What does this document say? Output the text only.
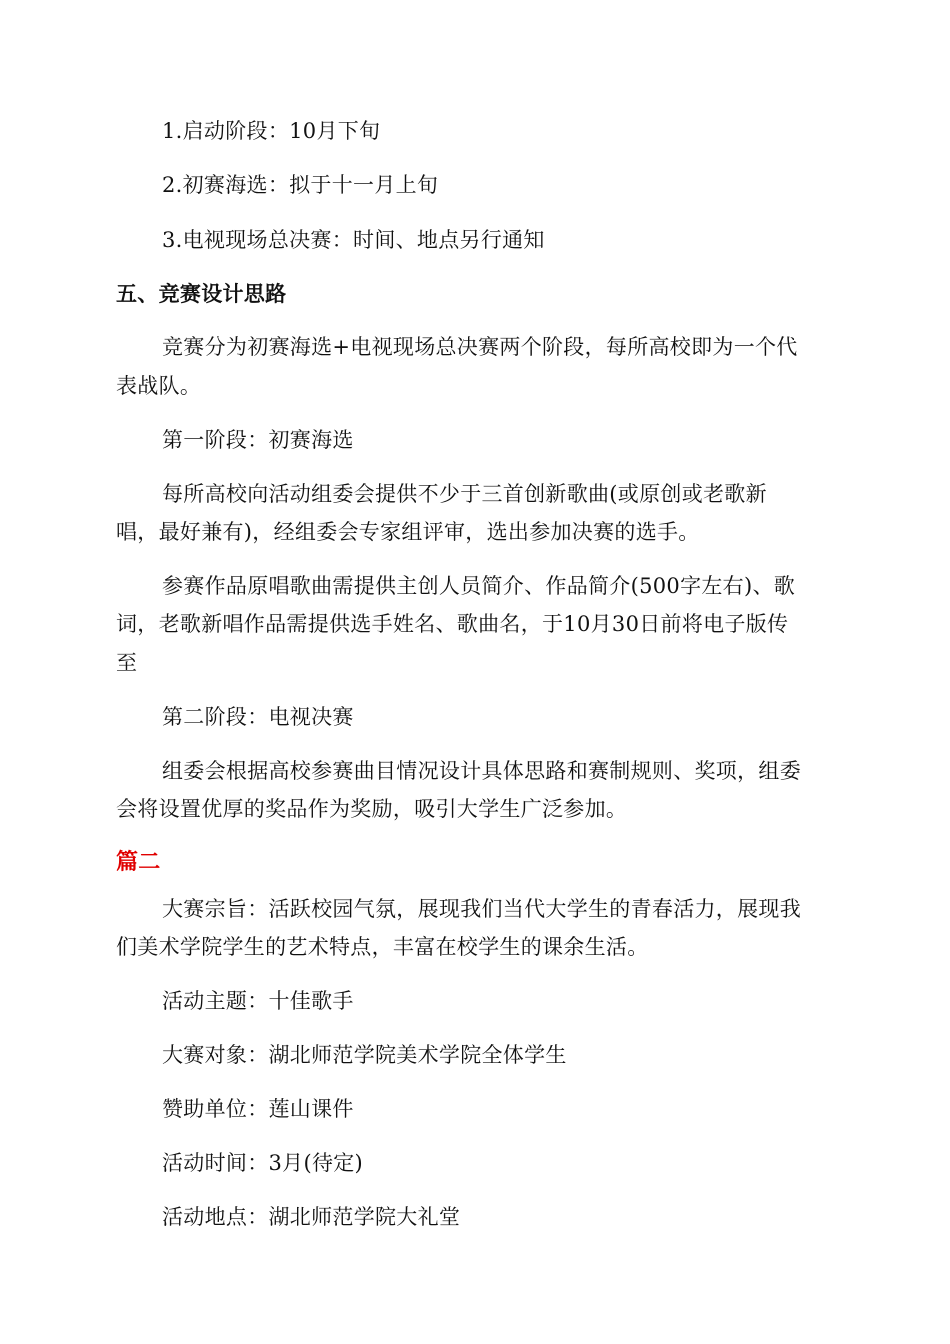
1.启动阶段：10月下旬
2.初赛海选：拟于十一月上旬
3.电视现场总决赛：时间、地点另行通知
五、竞赛设计思路
竞赛分为初赛海选+电视现场总决赛两个阶段，每所高校即为一个代
表战队。
第一阶段：初赛海选
每所高校向活动组委会提供不少于三首创新歌曲(或原创或老歌新
唱，最好兼有)，经组委会专家组评审，选出参加决赛的选手。
参赛作品原唱歌曲需提供主创人员简介、作品简介(500字左右)、歌
词，老歌新唱作品需提供选手姓名、歌曲名，于10月30日前将电子版传
至
第二阶段：电视决赛
组委会根据高校参赛曲目情况设计具体思路和赛制规则、奖项，组委
会将设置优厚的奖品作为奖励，吸引大学生广泛参加。
篇二
大赛宗旨：活跃校园气氛，展现我们当代大学生的青春活力，展现我
们美术学院学生的艺术特点，丰富在校学生的课余生活。
活动主题：十佳歌手
大赛对象：湖北师范学院美术学院全体学生
赞助单位：莲山课件
活动时间：3月(待定)
活动地点：湖北师范学院大礼堂
